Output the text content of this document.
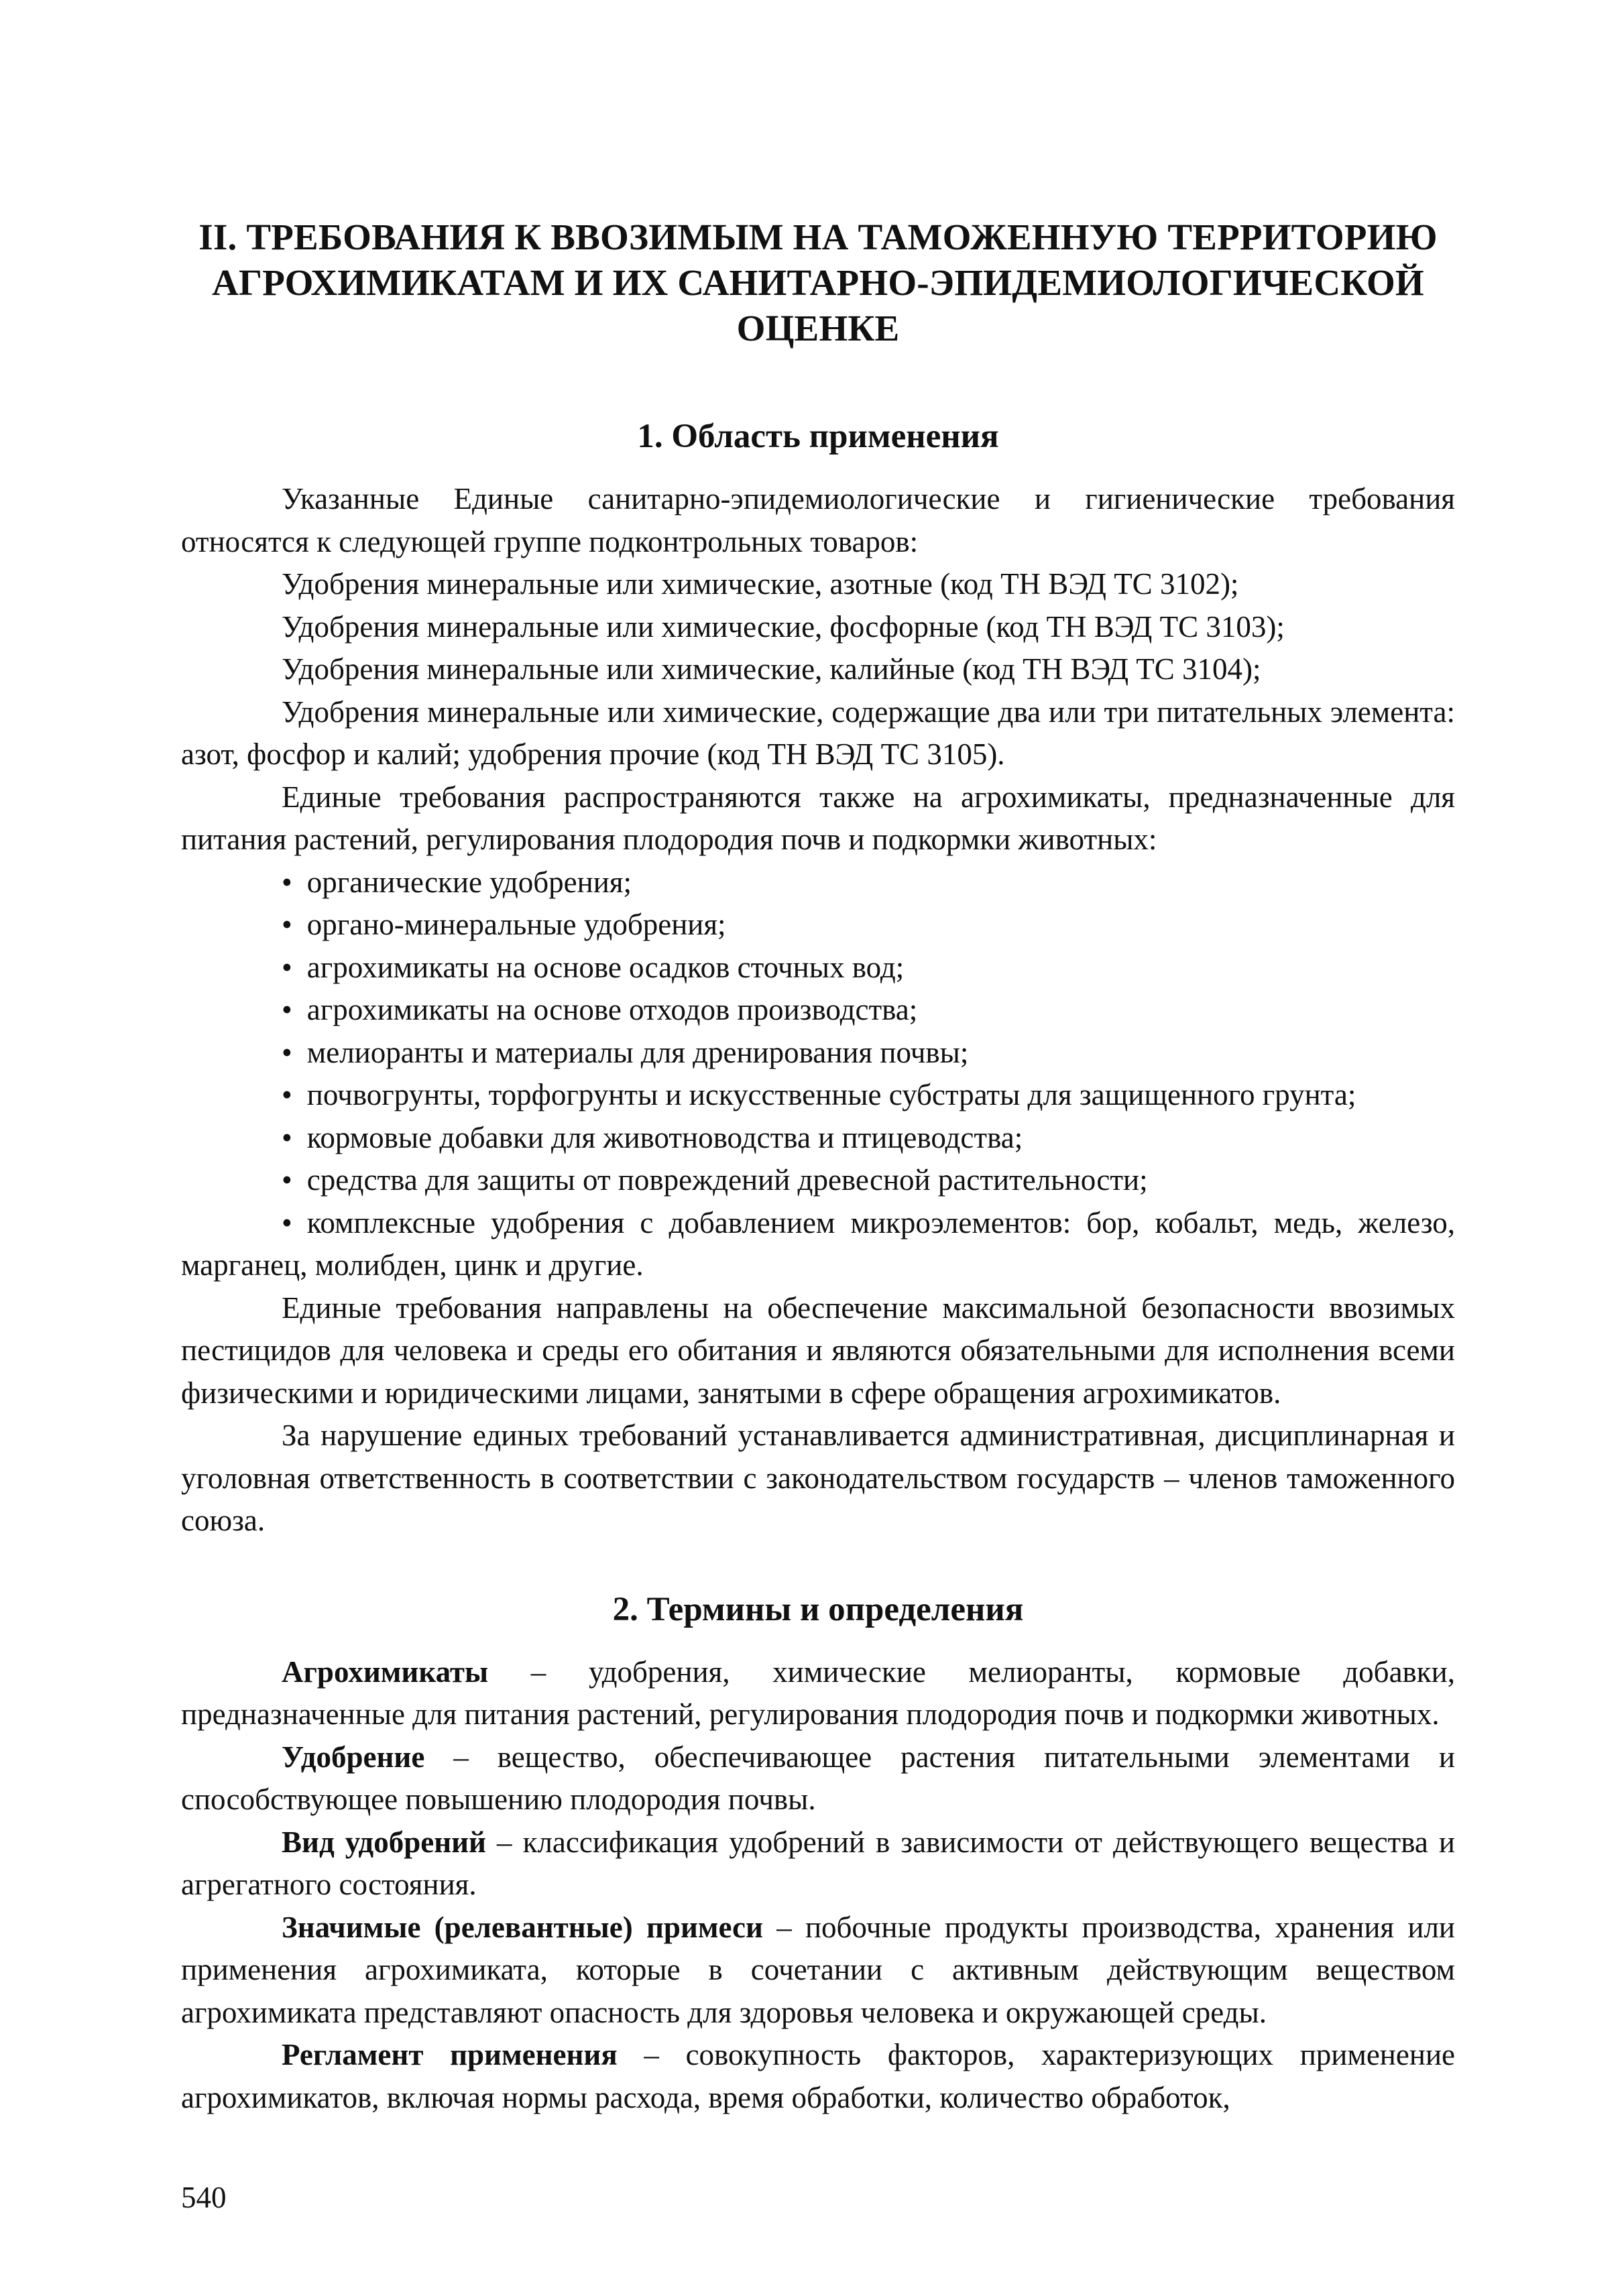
II. ТРЕБОВАНИЯ К ВВОЗИМЫМ НА ТАМОЖЕННУЮ ТЕРРИТОРИЮ
АГРОХИМИКАТАМ И ИХ САНИТАРНО-ЭПИДЕМИОЛОГИЧЕСКОЙ
ОЦЕНКЕ
1. Область применения

Указанные Единые санитарно-эпидемиологические и гигиенические требования относятся к следующей группе подконтрольных товаров:

Удобрения минеральные или химические, азотные (код ТН ВЭД ТС 3102);

Удобрения минеральные или химические, фосфорные (код ТН ВЭД ТС 3103);

Удобрения минеральные или химические, калийные (код ТН ВЭД ТС 3104);

Удобрения минеральные или химические, содержащие два или три питательных элемента: азот, фосфор и калий; удобрения прочие (код ТН ВЭД ТС 3105).

Единые требования распространяются также на агрохимикаты, предназначенные для питания растений, регулирования плодородия почв и подкормки животных:

• органические удобрения;

• органо-минеральные удобрения;

• агрохимикаты на основе осадков сточных вод;

• агрохимикаты на основе отходов производства;

• мелиоранты и материалы для дренирования почвы;

• почвогрунты, торфогрунты и искусственные субстраты для защищенного грунта;

• кормовые добавки для животноводства и птицеводства;

• средства для защиты от повреждений древесной растительности;

• комплексные удобрения с добавлением микроэлементов: бор, кобальт, медь, железо, марганец, молибден, цинк и другие.

Единые требования направлены на обеспечение максимальной безопасности ввозимых пестицидов для человека и среды его обитания и являются обязательными для исполнения всеми физическими и юридическими лицами, занятыми в сфере обращения агрохимикатов.

За нарушение единых требований устанавливается административная, дисциплинарная и уголовная ответственность в соответствии с законодательством государств – членов таможенного союза.

2. Термины и определения

Агрохимикаты – удобрения, химические мелиоранты, кормовые добавки, предназначенные для питания растений, регулирования плодородия почв и подкормки животных.

Удобрение – вещество, обеспечивающее растения питательными элементами и способствующее повышению плодородия почвы.

Вид удобрений – классификация удобрений в зависимости от действующего вещества и агрегатного состояния.

Значимые (релевантные) примеси – побочные продукты производства, хранения или применения агрохимиката, которые в сочетании с активным действующим веществом агрохимиката представляют опасность для здоровья человека и окружающей среды.

Регламент применения – совокупность факторов, характеризующих применение агрохимикатов, включая нормы расхода, время обработки, количество обработок,

540
